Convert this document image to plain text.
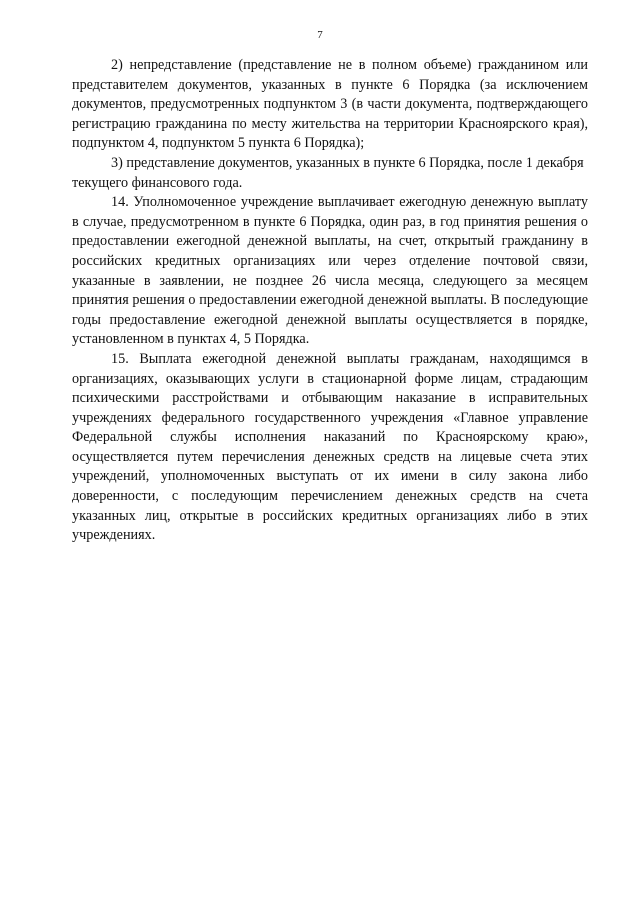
7

2) непредставление (представление не в полном объеме) гражданином или представителем документов, указанных в пункте 6 Порядка (за исключением документов, предусмотренных подпунктом 3 (в части документа, подтверждающего регистрацию гражданина по месту жительства на территории Красноярского края), подпунктом 4, подпунктом 5 пункта 6 Порядка);

3) представление документов, указанных в пункте 6 Порядка, после 1 декабря текущего финансового года.

14. Уполномоченное учреждение выплачивает ежегодную денежную выплату в случае, предусмотренном в пункте 6 Порядка, один раз, в год принятия решения о предоставлении ежегодной денежной выплаты, на счет, открытый гражданину в российских кредитных организациях или через отделение почтовой связи, указанные в заявлении, не позднее 26 числа месяца, следующего за месяцем принятия решения о предоставлении ежегодной денежной выплаты. В последующие годы предоставление ежегодной денежной выплаты осуществляется в порядке, установленном в пунктах 4, 5 Порядка.

15. Выплата ежегодной денежной выплаты гражданам, находящимся в организациях, оказывающих услуги в стационарной форме лицам, страдающим психическими расстройствами и отбывающим наказание в исправительных учреждениях федерального государственного учреждения «Главное управление Федеральной службы исполнения наказаний по Красноярскому краю», осуществляется путем перечисления денежных средств на лицевые счета этих учреждений, уполномоченных выступать от их имени в силу закона либо доверенности, с последующим перечислением денежных средств на счета указанных лиц, открытые в российских кредитных организациях либо в этих учреждениях.
